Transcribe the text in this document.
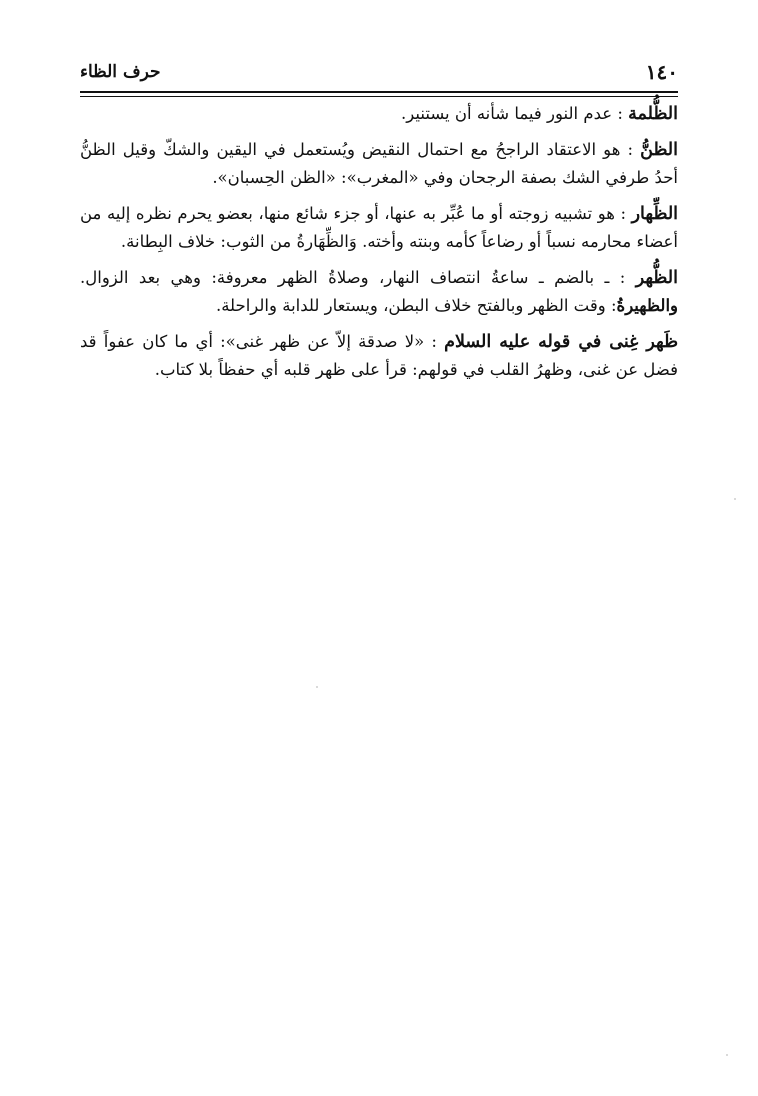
١٤٠
حرف الظاء

الظُّلمة : عدم النور فيما شأنه أن يستنير.

الظنُّ : هو الاعتقاد الراجحُ مع احتمال النقيض ويُستعمل في اليقين والشكّ وقيل الظنُّ أحدُ طرفي الشك بصفة الرجحان وفي «المغرب»: «الظن الحِسبان».

الظِّهار : هو تشبيه زوجته أو ما عُبِّر به عنها، أو جزء شائع منها، بعضو يحرم نظره إليه من أعضاء محارمه نسباً أو رضاعاً كأمه وبنته وأخته. وَالظِّهَارةُ من الثوب: خلاف البِطانة.

الظُّهر : ـ بالضم ـ ساعةُ انتصاف النهار، وصلاةُ الظهر معروفة: وهي بعد الزوال. والظهيرةُ: وقت الظهر وبالفتح خلاف البطن، ويستعار للدابة والراحلة.

ظَهر غِنى في قوله عليه السلام : «لا صدقة إلاّ عن ظهر غنى»: أي ما كان عفواً قد فضل عن غنى، وظهرُ القلب في قولهم: قرأ على ظهر قلبه أي حفظاً بلا كتاب.
